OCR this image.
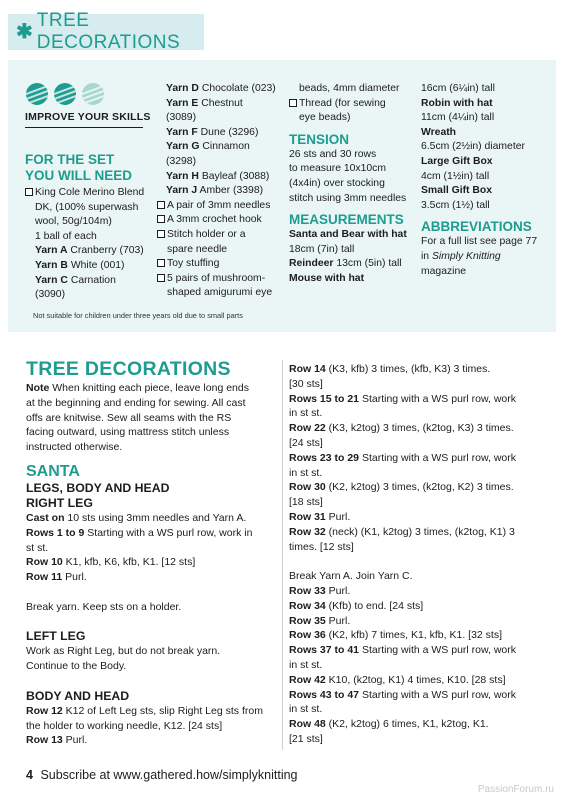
✱
TREE DECORATIONS
IMPROVE YOUR SKILLS
FOR THE SET
YOU WILL NEED
King Cole Merino Blend
DK, (100% superwash
wool, 50g/104m)
1 ball of each
Yarn A Cranberry (703)
Yarn B White (001)
Yarn C Carnation
(3090)
Yarn D Chocolate (023)
Yarn E Chestnut
(3089)
Yarn F Dune (3296)
Yarn G Cinnamon
(3298)
Yarn H Bayleaf (3088)
Yarn J Amber (3398)
A pair of 3mm needles
A 3mm crochet hook
Stitch holder or a
spare needle
Toy stuffing
5 pairs of mushroom-
shaped amigurumi eye
beads, 4mm diameter
Thread (for sewing
eye beads)
TENSION
26 sts and 30 rows
to measure 10x10cm
(4x4in) over stocking
stitch using 3mm needles
MEASUREMENTS
Santa and Bear with hat
18cm (7in) tall
Reindeer 13cm (5in) tall
Mouse with hat
16cm (6¼in) tall
Robin with hat
11cm (4¼in) tall
Wreath
6.5cm (2½in) diameter
Large Gift Box
4cm (1½in) tall
Small Gift Box
3.5cm (1½) tall
ABBREVIATIONS
For a full list see page 77
in Simply Knitting
magazine
Not suitable for children under three years old due to small parts
TREE DECORATIONS
Note When knitting each piece, leave long ends
at the beginning and ending for sewing. All cast
offs are knitwise. Sew all seams with the RS
facing outward, using mattress stitch unless
instructed otherwise.
SANTA
LEGS, BODY AND HEAD
RIGHT LEG
Cast on 10 sts using 3mm needles and Yarn A.
Rows 1 to 9 Starting with a WS purl row, work in
st st.
Row 10 K1, kfb, K6, kfb, K1. [12 sts]
Row 11 Purl.
Break yarn. Keep sts on a holder.
LEFT LEG
Work as Right Leg, but do not break yarn.
Continue to the Body.
BODY AND HEAD
Row 12 K12 of Left Leg sts, slip Right Leg sts from
the holder to working needle, K12. [24 sts]
Row 13 Purl.
Row 14 (K3, kfb) 3 times, (kfb, K3) 3 times.
[30 sts]
Rows 15 to 21 Starting with a WS purl row, work
in st st.
Row 22 (K3, k2tog) 3 times, (k2tog, K3) 3 times.
[24 sts]
Rows 23 to 29 Starting with a WS purl row, work
in st st.
Row 30 (K2, k2tog) 3 times, (k2tog, K2) 3 times.
[18 sts]
Row 31 Purl.
Row 32 (neck) (K1, k2tog) 3 times, (k2tog, K1) 3
times. [12 sts]
Break Yarn A. Join Yarn C.
Row 33 Purl.
Row 34 (Kfb) to end. [24 sts]
Row 35 Purl.
Row 36 (K2, kfb) 7 times, K1, kfb, K1. [32 sts]
Rows 37 to 41 Starting with a WS purl row, work
in st st.
Row 42 K10, (k2tog, K1) 4 times, K10. [28 sts]
Rows 43 to 47 Starting with a WS purl row, work
in st st.
Row 48 (K2, k2tog) 6 times, K1, k2tog, K1.
[21 sts]
4 Subscribe at www.gathered.how/simplyknitting
PassionForum.ru
